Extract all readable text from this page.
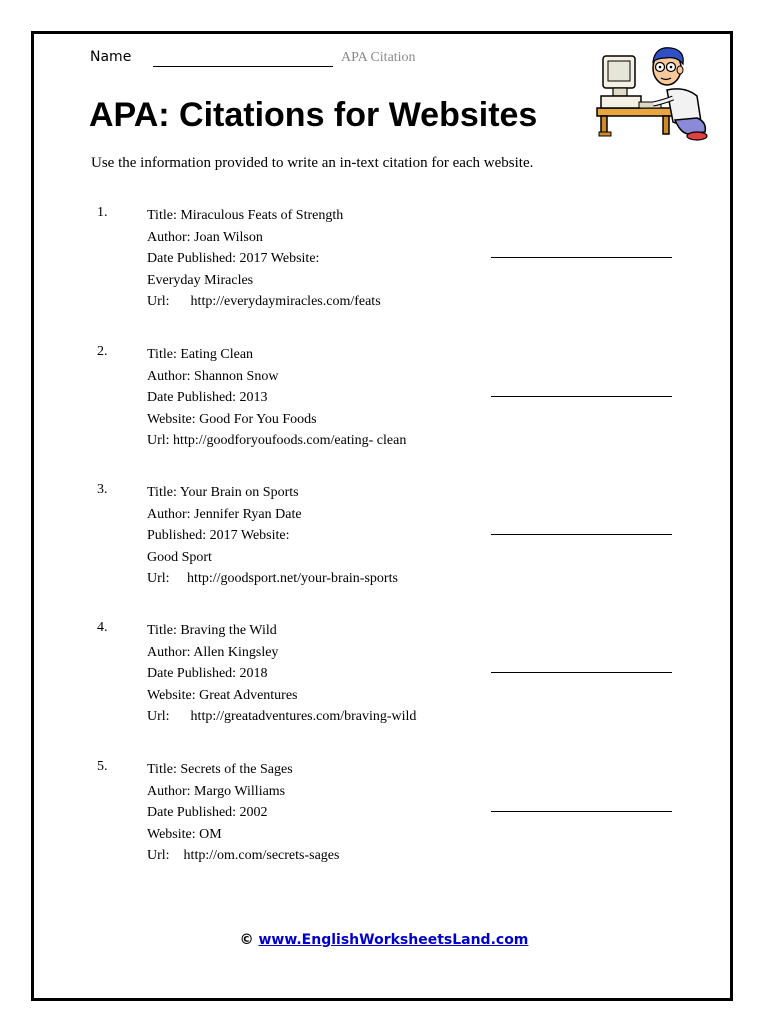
Name	APA Citation
APA: Citations for Websites
Use the information provided to write an in-text citation for each website.
1.	Title: Miraculous Feats of Strength
Author: Joan Wilson
Date Published: 2017 Website:
Everyday Miracles
Url:      http://everydaymiracles.com/feats
2.	Title: Eating Clean
Author: Shannon Snow
Date Published: 2013
Website: Good For You Foods
Url: http://goodforyoufoods.com/eating- clean
3.	Title: Your Brain on Sports
Author: Jennifer Ryan Date
Published: 2017 Website:
Good Sport
Url:     http://goodsport.net/your-brain-sports
4.	Title: Braving the Wild
Author: Allen Kingsley
Date Published: 2018
Website: Great Adventures
Url:      http://greatadventures.com/braving-wild
5.	Title: Secrets of the Sages
Author: Margo Williams
Date Published: 2002
Website: OM
Url:    http://om.com/secrets-sages
© www.EnglishWorksheetsLand.com
